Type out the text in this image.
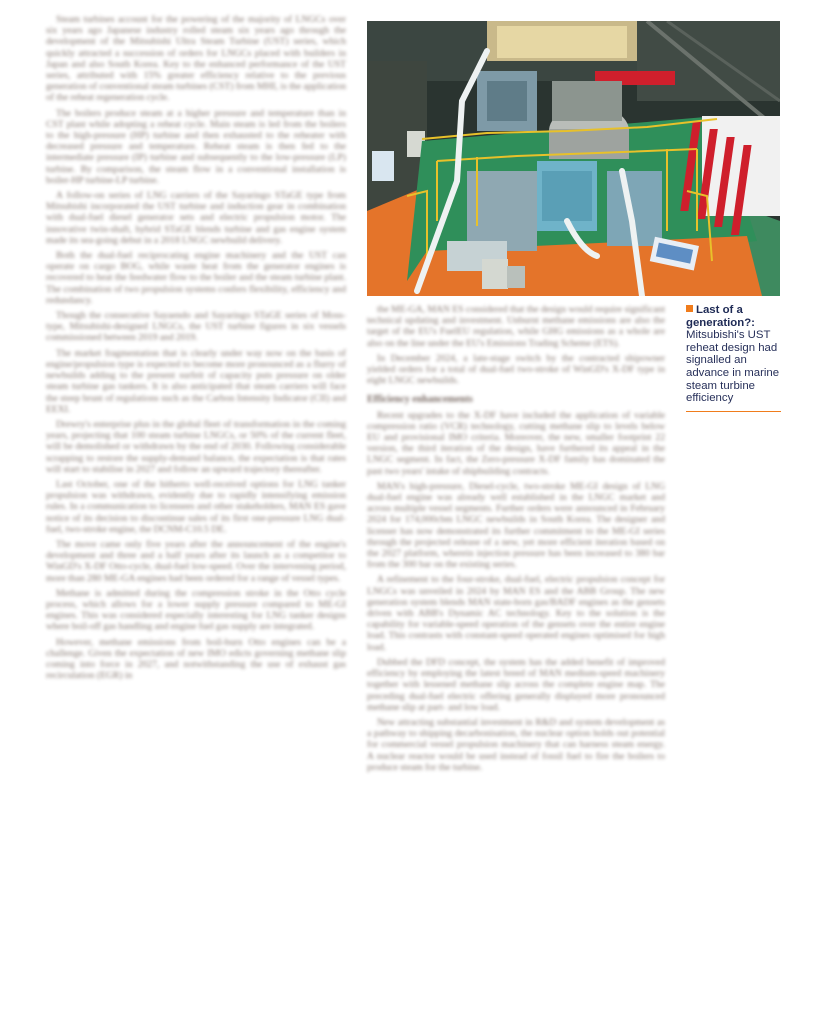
Steam turbines account for the powering of the majority of LNGCs over six years ago Japanese industry rolled steam six years ago through the development of the Mitsubishi Ultra Steam Turbine (UST) series, which quickly attracted a succession of orders for LNGCs placed with builders in Japan and also South Korea. Key to the enhanced performance of the UST series, attributed with 15% greater efficiency relative to the previous generation of conventional steam turbines (CST) from MHI, is the application of the reheat regeneration cycle.

The boilers produce steam at a higher pressure and temperature than in CST plant while adopting a reheat cycle. Main steam is led from the boilers to the high-pressure (HP) turbine and then exhausted to the reheater with decreased pressure and temperature. Reheat steam is then fed to the intermediate pressure (IP) turbine and subsequently to the low-pressure (LP) turbine. By comparison, the steam flow in a conventional installation is boiler-HP turbine-LP turbine.

A follow-on series of LNG carriers of the Sayaringo STaGE type from Mitsubishi incorporated the UST turbine and induction gear in combination with dual-fuel diesel generator sets and electric propulsion motor. The innovative twin-shaft, hybrid STaGE blends turbine and gas engine system made its sea-going debut in a 2018 LNGC newbuild delivery.

Both the dual-fuel reciprocating engine machinery and the UST can operate on cargo BOG, while waste heat from the generator engines is recovered to heat the feedwater flow to the boiler and the steam turbine plant. The combination of two propulsion systems confers flexibility, efficiency and redundancy.

Though the consecutive Sayaendo and Sayaringo STaGE series of Moss-type, Mitsubishi-designed LNGCs, the UST turbine figures in six vessels commissioned between 2019 and 2019.

The market fragmentation that is clearly under way now on the basis of engine/propulsion type is expected to become more pronounced as a flurry of newbuilds adding to the present surfeit of capacity puts pressure on older steam turbine gas tankers. It is also anticipated that steam carriers will face the steep brunt of regulations such as the Carbon Intensity Indicator (CII) and EEXI.

Drewry's enterprise plus in the global fleet of transformation in the coming years, projecting that 100 steam turbine LNGCs, or 50% of the current fleet, will be demolished or withdrawn by the end of 2030. Following considerable scrapping to restore the supply-demand balance, the expectation is that rates will start to stabilise in 2027 and follow an upward trajectory thereafter.

Last October, one of the hitherto well-received options for LNG tanker propulsion was withdrawn, evidently due to rapidly intensifying emission rules. In a communication to licensees and other stakeholders, MAN ES gave notice of its decision to discontinue sales of its first one-pressure LNG dual-fuel, two-stroke engine, the DCNM-C10.5 DE.

The move came only five years after the announcement of the engine's development and three and a half years after its launch as a competitor to WinGD's X-DF Otto-cycle, dual-fuel low-speed. Over the intervening period, more than 280 ME-GA engines had been ordered for a range of vessel types.

Methane is admitted during the compression stroke in the Otto cycle process, which allows for a lower supply pressure compared to ME-GI engines. This was considered especially interesting for LNG tanker designs where boil-off gas handling and engine fuel gas supply are integrated.

However, methane emissions from boil-burn Otto engines can be a challenge. Given the expectation of new IMO edicts governing methane slip coming into force in 2027, and notwithstanding the use of exhaust gas recirculation (EGR) in

Last of a generation?: Mitsubishi's UST reheat design had signalled an advance in marine steam turbine efficiency

the ME-GA, MAN ES considered that the design would require significant technical updating and investment. Unburnt methane emissions are also the target of the EU's FuelEU regulation, while GHG emissions as a whole are also on the line under the EU's Emissions Trading Scheme (ETS).

In December 2024, a late-stage switch by the contracted shipowner yielded orders for a total of dual-fuel two-stroke of WinGD's X-DF type in eight LNGC newbuilds.

Efficiency enhancements

Recent upgrades to the X-DF have included the application of variable compression ratio (VCR) technology, cutting methane slip to levels below EU and provisional IMO criteria. Moreover, the new, smaller footprint 22 version, the third iteration of the design, have furthered its appeal in the LNGC segment. In fact, the Zero-pressure X-DF family has dominated the past two years' intake of shipbuilding contracts.

MAN's high-pressure, Diesel-cycle, two-stroke ME-GI design of LNG dual-fuel engine was already well established in the LNGC market and across multiple vessel segments. Further orders were announced in February 2024 for 174,000cbm LNGC newbuilds in South Korea. The designer and licenser has now demonstrated its further commitment to the ME-GI series through the projected release of a new, yet more efficient iteration based on the 2027 platform, wherein injection pressure has been increased to 380 bar from the 300 bar on the existing series.

A refinement to the four-stroke, dual-fuel, electric propulsion concept for LNGCs was unveiled in 2024 by MAN ES and the ABB Group. The new generation system blends MAN state-born gas/BADF engines as the gensets driven with ABB's Dynamic AC technology. Key to the solution is the capability for variable-speed operation of the gensets over the entire engine load. This contrasts with constant-speed operated engines optimised for high load.

Dubbed the DFD concept, the system has the added benefit of improved efficiency by employing the latest breed of MAN medium-speed machinery together with lessened methane slip across the complete engine map. The preceding dual-fuel electric offering generally displayed more pronounced methane slip at part- and low load.

New attracting substantial investment in R&D and system development as a pathway to shipping decarbonisation, the nuclear option holds out potential for commercial vessel propulsion machinery that can harness steam energy. A nuclear reactor would be used instead of fossil fuel to fire the boilers to produce steam for the turbine.
